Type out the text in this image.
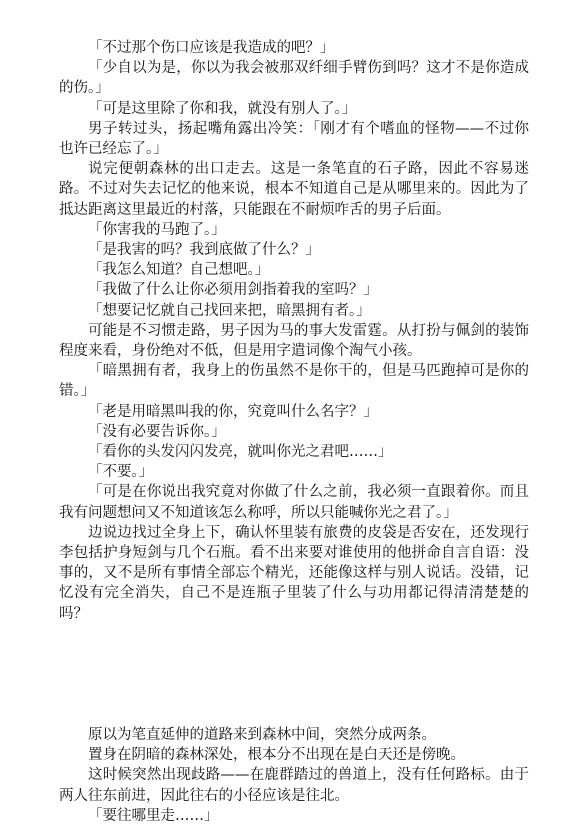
「不过那个伤口应该是我造成的吧？」

「少自以为是，你以为我会被那双纤细手臂伤到吗？这才不是你造成的伤。」

「可是这里除了你和我，就没有别人了。」

男子转过头，扬起嘴角露出冷笑：「刚才有个嗜血的怪物——不过你也许已经忘了。」

说完便朝森林的出口走去。这是一条笔直的石子路，因此不容易迷路。不过对失去记忆的他来说，根本不知道自己是从哪里来的。因此为了抵达距离这里最近的村落，只能跟在不耐烦咋舌的男子后面。

「你害我的马跑了。」

「是我害的吗？我到底做了什么？」

「我怎么知道？自己想吧。」

「我做了什么让你必须用剑指着我的室吗？」

「想要记忆就自己找回来把，暗黑拥有者。」

可能是不习惯走路，男子因为马的事大发雷霆。从打扮与佩剑的装饰程度来看，身份绝对不低，但是用字遣词像个淘气小孩。

「暗黑拥有者，我身上的伤虽然不是你干的，但是马匹跑掉可是你的错。」

「老是用暗黑叫我的你，究竟叫什么名字？」

「没有必要告诉你。」

「看你的头发闪闪发亮，就叫你光之君吧……」

「不要。」

「可是在你说出我究竟对你做了什么之前，我必须一直跟着你。而且我有问题想问又不知道该怎么称呼，所以只能喊你光之君了。」

边说边找过全身上下，确认怀里装有旅费的皮袋是否安在，还发现行李包括护身短剑与几个石瓶。看不出来要对谁使用的他拼命自言自语：没事的，又不是所有事情全部忘个精光，还能像这样与别人说话。没错，记忆没有完全消失，自己不是连瓶子里装了什么与功用都记得清清楚楚的吗？

原以为笔直延伸的道路来到森林中间，突然分成两条。

置身在阴暗的森林深处，根本分不出现在是白天还是傍晚。

这时候突然出现歧路——在鹿群踏过的兽道上，没有任何路标。由于两人往东前进，因此往右的小径应该是往北。

「要往哪里走……」
